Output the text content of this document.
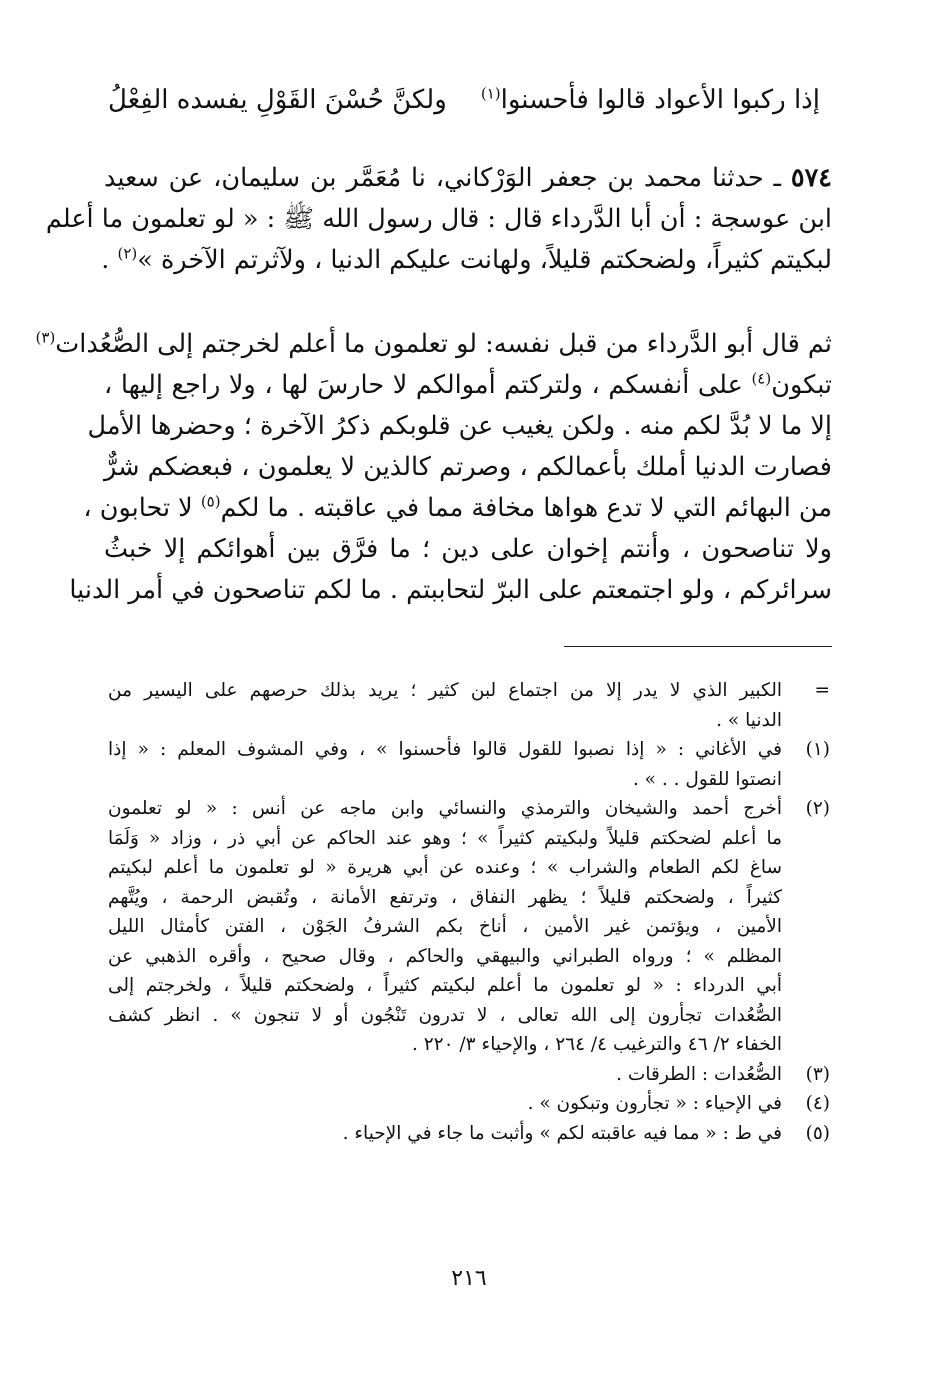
إذا ركبوا الأعواد قالوا فأحسنوا$^{(١)}$
ولكنَّ حُسْنَ القَوْلِ يفسده الفِعْلُ
٥٧٤ ـ حدثنا محمد بن جعفر الوَرْكاني، نا مُعَمَّر بن سليمان، عن سعيد
ابن عوسجة : أن أبا الدَّرداء قال : قال رسول الله ﷺ : « لو تعلمون ما أعلم
لبكيتم كثيراً، ولضحكتم قليلاً، ولهانت عليكم الدنيا ، ولآثرتم الآخرة »$^{(٢)}$ .
ثم قال أبو الدَّرداء من قبل نفسه: لو تعلمون ما أعلم لخرجتم إلى الصُّعُدات$^{(٣)}$
تبكون$^{(٤)}$ على أنفسكم ، ولتركتم أموالكم لا حارسَ لها ، ولا راجع إليها ،
إلا ما لا بُدَّ لكم منه . ولكن يغيب عن قلوبكم ذكرُ الآخرة ؛ وحضرها الأمل
فصارت الدنيا أملك بأعمالكم ، وصرتم كالذين لا يعلمون ، فبعضكم شرٌّ
من البهائم التي لا تدع هواها مخافة مما في عاقبته . ما لكم$^{(٥)}$ لا تحابون ،
ولا تناصحون ، وأنتم إخوان على دين ؛ ما فرَّق بين أهوائكم إلا خبثُ
سرائركم ، ولو اجتمعتم على البرّ لتحاببتم . ما لكم تناصحون في أمر الدنيا
=
الكبير الذي لا يدر إلا من اجتماع لبن كثير ؛ يريد بذلك حرصهم على اليسير من
الدنيا » .
(١)
في الأغاني : « إذا نصبوا للقول قالوا فأحسنوا » ، وفي المشوف المعلم : « إذا
انصتوا للقول . . » .
(٢)
أخرج أحمد والشيخان والترمذي والنسائي وابن ماجه عن أنس : « لو تعلمون
ما أعلم لضحكتم قليلاً ولبكيتم كثيراً » ؛ وهو عند الحاكم عن أبي ذر ، وزاد « وَلَمَا
ساغ لكم الطعام والشراب » ؛ وعنده عن أبي هريرة « لو تعلمون ما أعلم لبكيتم
كثيراً ، ولضحكتم قليلاً ؛ يظهر النفاق ، وترتفع الأمانة ، وتُقبض الرحمة ، ويُتَّهم
الأمين ، ويؤتمن غير الأمين ، أناخ بكم الشرفُ الجَوْن ، الفتن كأمثال الليل
المظلم » ؛ ورواه الطبراني والبيهقي والحاكم ، وقال صحيح ، وأقره الذهبي عن
أبي الدرداء : « لو تعلمون ما أعلم لبكيتم كثيراً ، ولضحكتم قليلاً ، ولخرجتم إلى
الصُّعُدات تجأرون إلى الله تعالى ، لا تدرون تَنْجُون أو لا تنجون » . انظر كشف
الخفاء ٢/ ٤٦ والترغيب ٤/ ٢٦٤ ، والإحياء ٣/ ٢٢٠ .
(٣)
الصُّعُدات : الطرقات .
(٤)
في الإحياء : « تجأرون وتبكون » .
(٥)
في ط : « مما فيه عاقبته لكم » وأثبت ما جاء في الإحياء .
٢١٦
